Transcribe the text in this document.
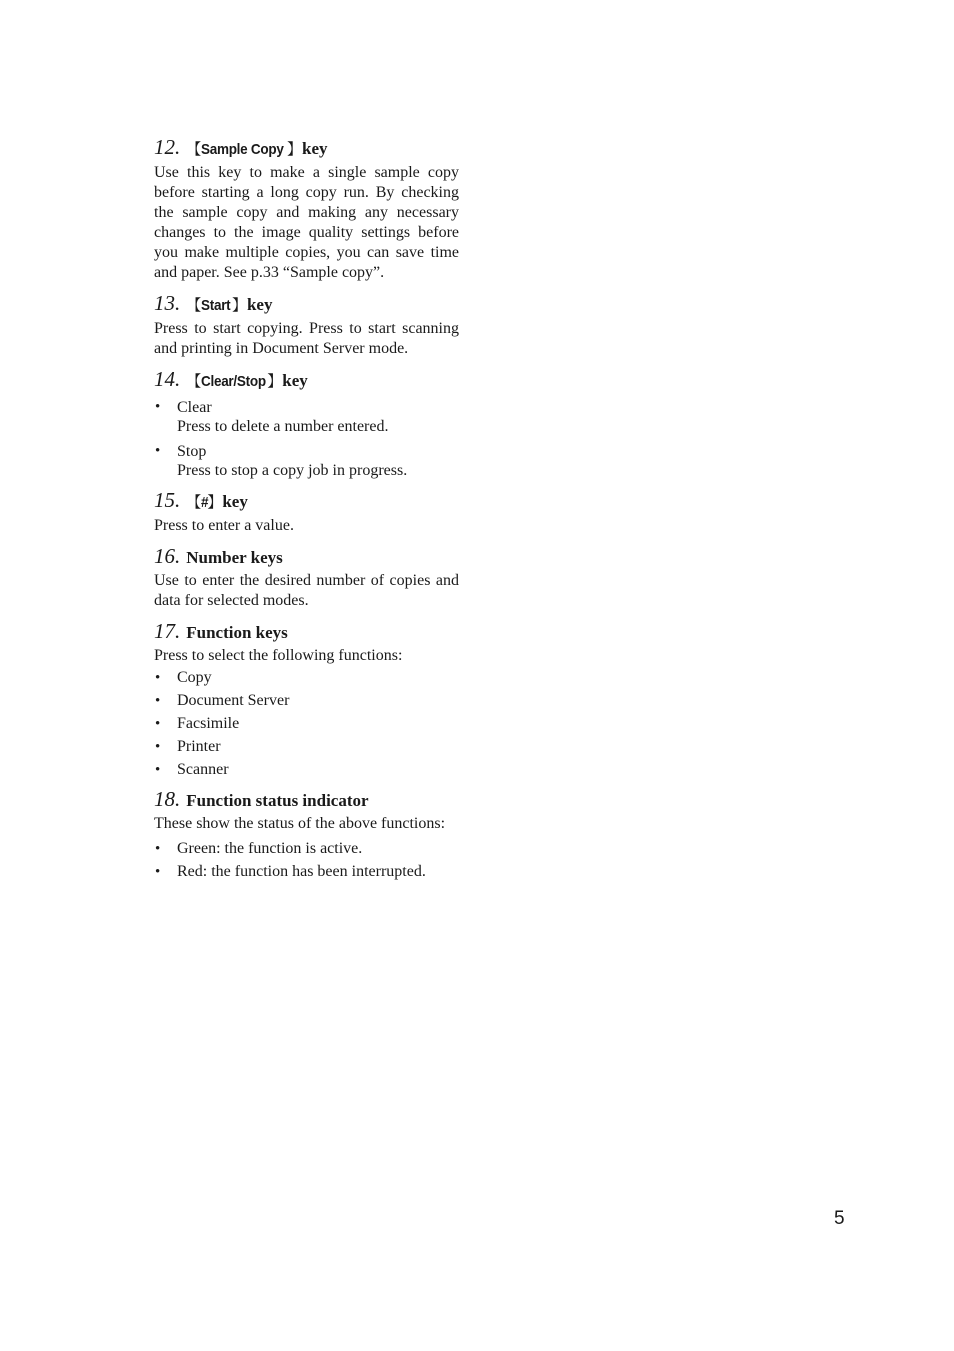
12. 【Sample Copy 】key

Use this key to make a single sample copy before starting a long copy run. By checking the sample copy and making any necessary changes to the image quality settings before you make multiple copies, you can save time and paper. See p.33 “Sample copy”.

13. 【Start】key

Press to start copying. Press to start scanning and printing in Document Server mode.

14. 【Clear/Stop】key
• Clear
Press to delete a number entered.
• Stop
Press to stop a copy job in progress.
15. 【#】key

Press to enter a value.

16. Number keys

Use to enter the desired number of copies and data for selected modes.

17. Function keys

Press to select the following functions:

• Copy
• Document Server
• Facsimile
• Printer
• Scanner
18. Function status indicator

These show the status of the above functions:

• Green: the function is active.
• Red: the function has been interrupted.
5
